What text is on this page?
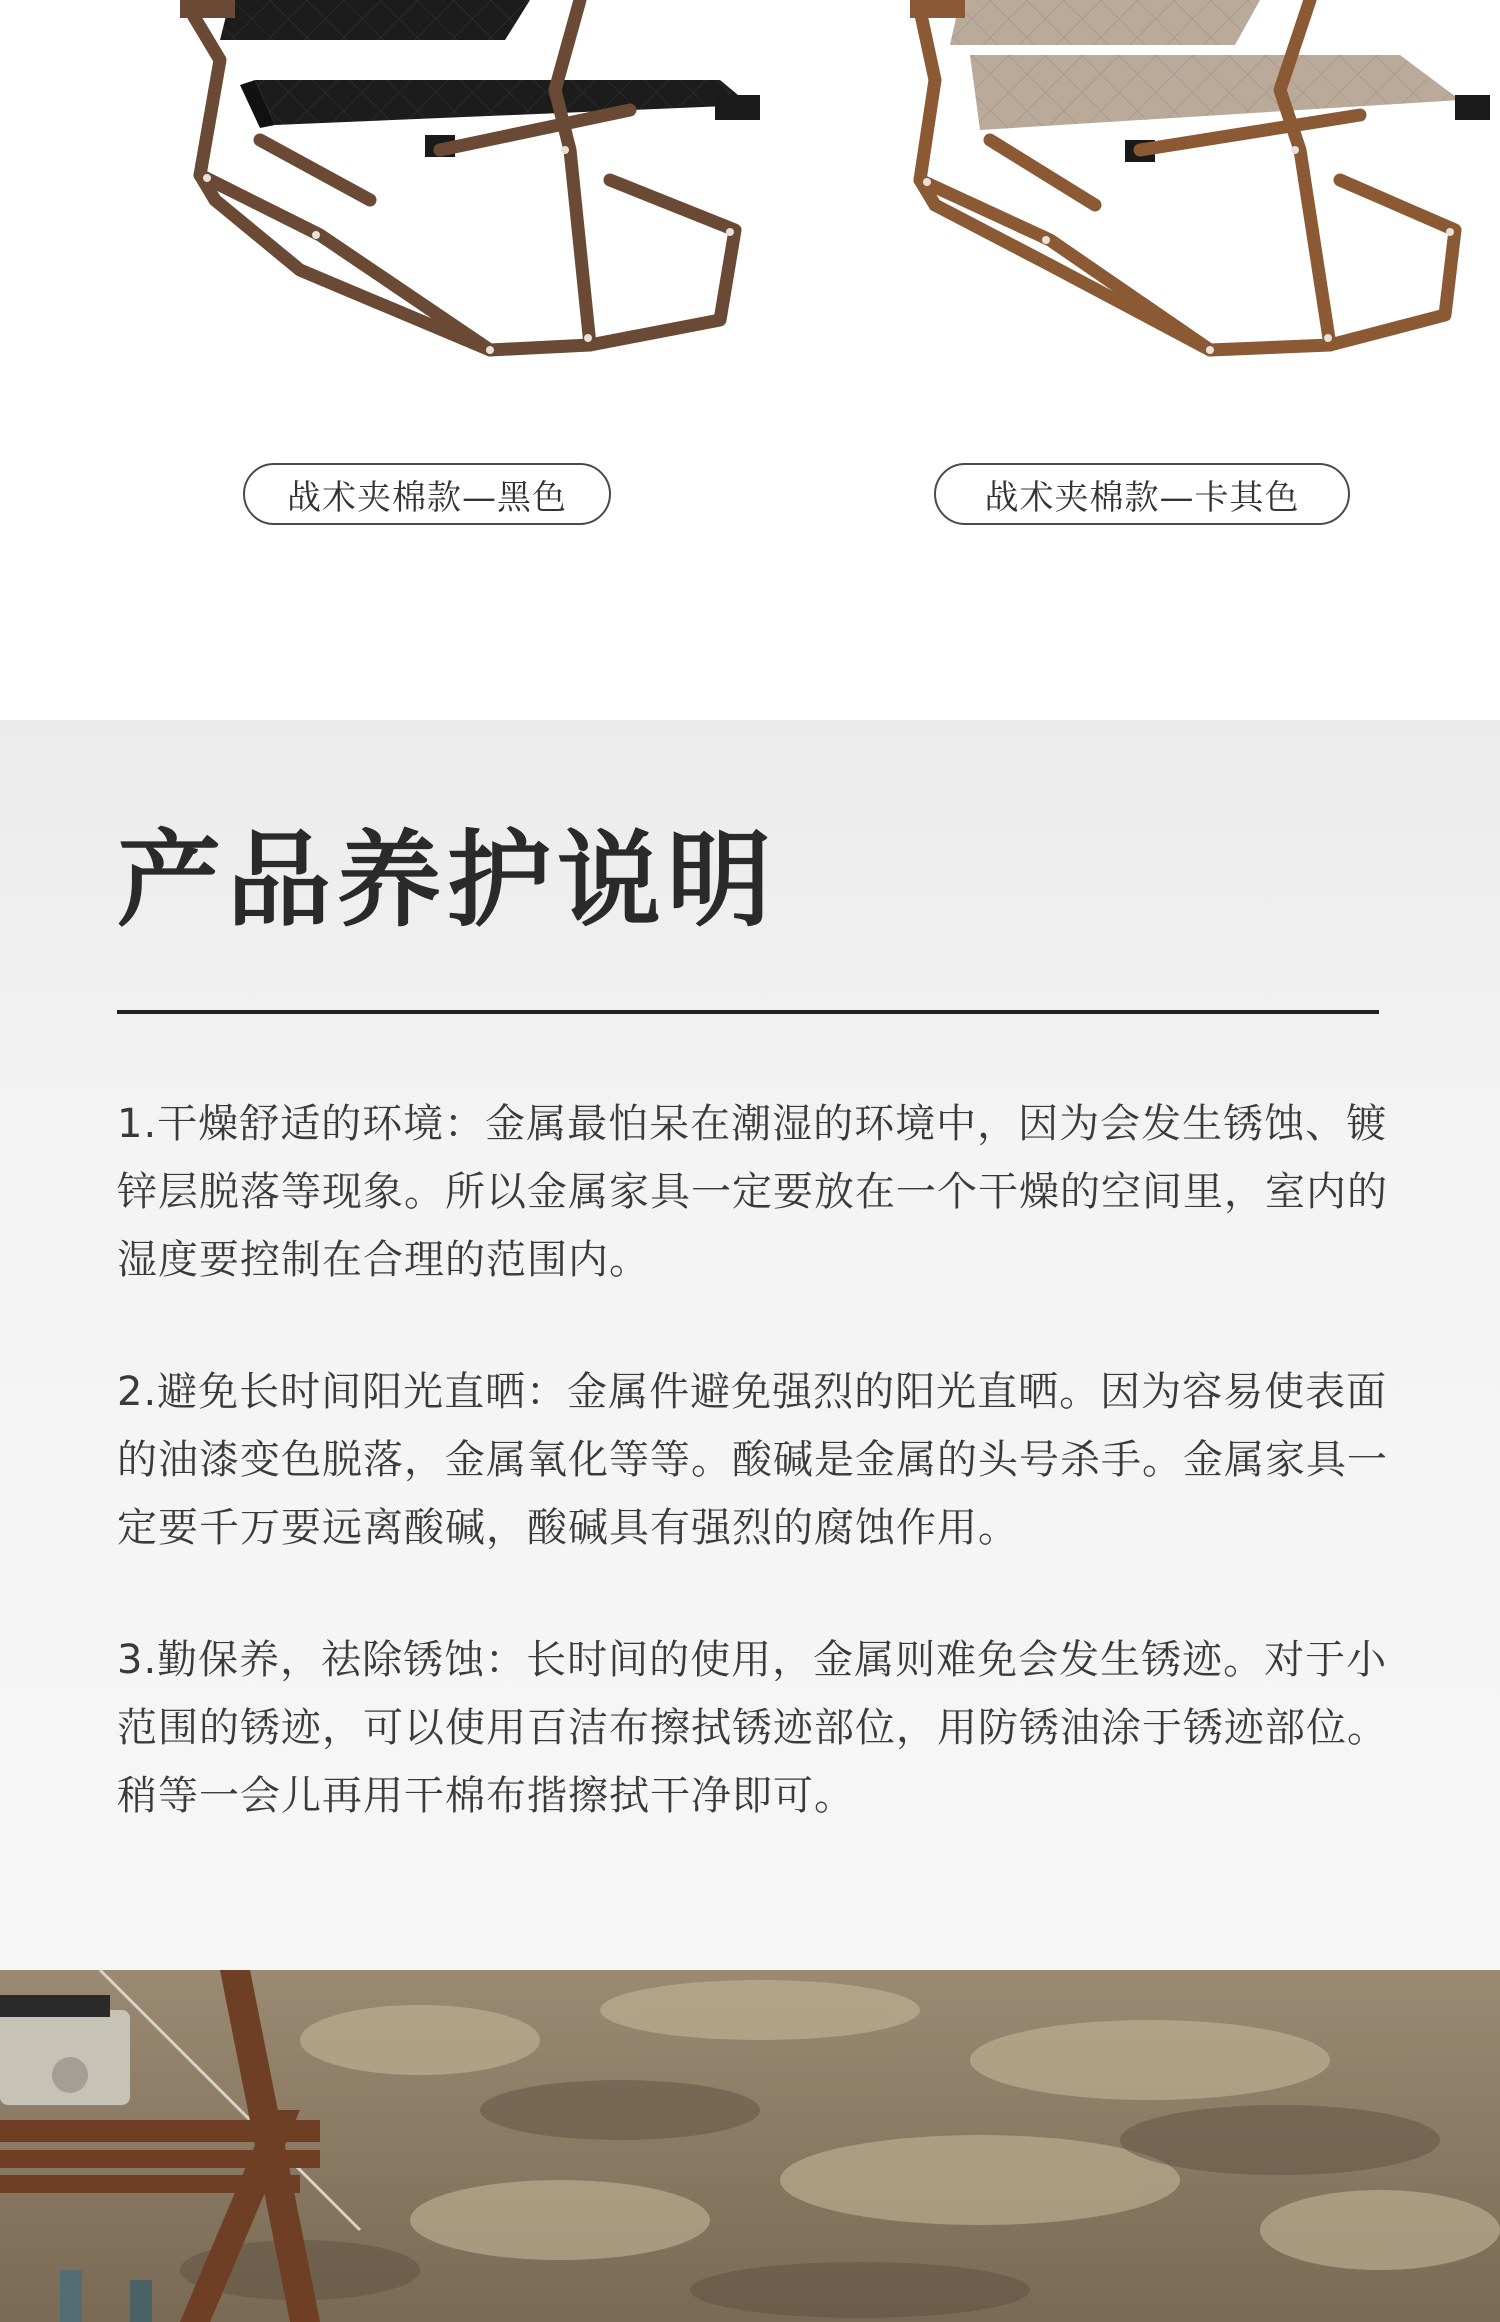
战术夹棉款—黑色	战术夹棉款—卡其色
产品养护说明

1.干燥舒适的环境：金属最怕呆在潮湿的环境中，因为会发生锈蚀、镀锌层脱落等现象。所以金属家具一定要放在一个干燥的空间里，室内的湿度要控制在合理的范围内。

2.避免长时间阳光直晒：金属件避免强烈的阳光直晒。因为容易使表面的油漆变色脱落，金属氧化等等。酸碱是金属的头号杀手。金属家具一定要千万要远离酸碱，酸碱具有强烈的腐蚀作用。

3.勤保养，祛除锈蚀：长时间的使用，金属则难免会发生锈迹。对于小范围的锈迹，可以使用百洁布擦拭锈迹部位，用防锈油涂于锈迹部位。稍等一会儿再用干棉布揩擦拭干净即可。
